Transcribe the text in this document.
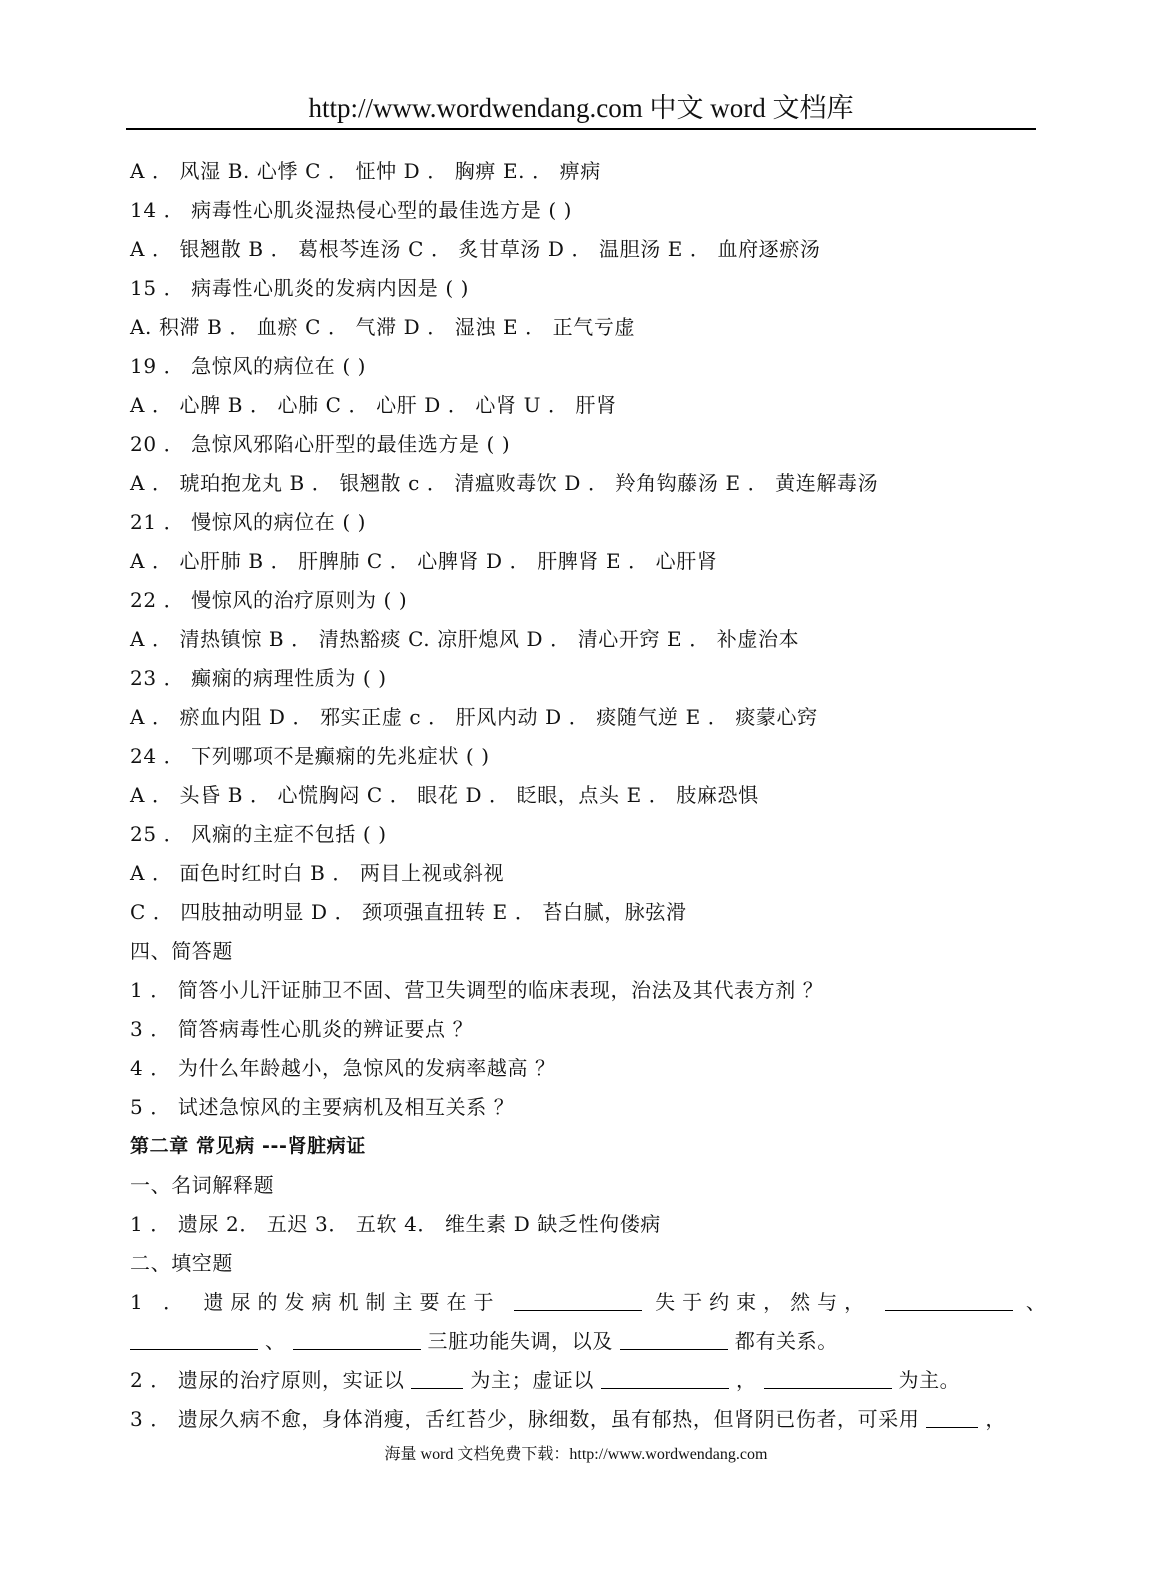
http://www.wordwendang.com 中文 word 文档库
A ． 风湿 B. 心悸 C ． 怔忡 D ． 胸痹 E. ． 痹病
14 ． 病毒性心肌炎湿热侵心型的最佳选方是 ( )
A ． 银翘散 B ． 葛根芩连汤 C ． 炙甘草汤 D ． 温胆汤 E ． 血府逐瘀汤
15 ． 病毒性心肌炎的发病内因是 ( )
A. 积滞 B ． 血瘀 C ． 气滞 D ． 湿浊 E ． 正气亏虚
19 ． 急惊风的病位在 ( )
A ． 心脾 B ． 心肺 C ． 心肝 D ． 心肾 U ． 肝肾
20 ． 急惊风邪陷心肝型的最佳选方是 ( )
A ． 琥珀抱龙丸 B ． 银翘散 c ． 清瘟败毒饮 D ． 羚角钩藤汤 E ． 黄连解毒汤
21 ． 慢惊风的病位在 ( )
A ． 心肝肺 B ． 肝脾肺 C ． 心脾肾 D ． 肝脾肾 E ． 心肝肾
22 ． 慢惊风的治疗原则为 ( )
A ． 清热镇惊 B ． 清热豁痰 C. 凉肝熄风 D ． 清心开窍 E ． 补虚治本
23 ． 癫痫的病理性质为 ( )
A ． 瘀血内阻 D ． 邪实正虚 c ． 肝风内动 D ． 痰随气逆 E ． 痰蒙心窍
24 ． 下列哪项不是癫痫的先兆症状 ( )
A ． 头昏 B ． 心慌胸闷 C ． 眼花 D ． 眨眼，点头 E ． 肢麻恐惧
25 ． 风痫的主症不包括 ( )
A ． 面色时红时白 B ． 两目上视或斜视
C ． 四肢抽动明显 D ． 颈项强直扭转 E ． 苔白腻，脉弦滑
四、简答题
1 ． 简答小儿汗证肺卫不固、营卫失调型的临床表现，治法及其代表方剂 ？
3 ． 简答病毒性心肌炎的辨证要点 ？
4 ． 为什么年龄越小，急惊风的发病率越高 ？
5 ． 试述急惊风的主要病机及相互关系 ？
第二章 常见病 ---肾脏病证
一、名词解释题
1 ． 遗尿 2． 五迟 3． 五软 4． 维生素 D 缺乏性佝偻病
二、填空题
1 ． 遗尿的发病机制主要在于	失于约束，然与，	、
、	三脏功能失调，以及	都有关系。
2 ． 遗尿的治疗原则，实证以	为主；虚证以	，	为主。
3 ． 遗尿久病不愈，身体消瘦，舌红苔少，脉细数，虽有郁热，但肾阴已伤者，可采用	，
海量 word 文档免费下载：http://www.wordwendang.com
